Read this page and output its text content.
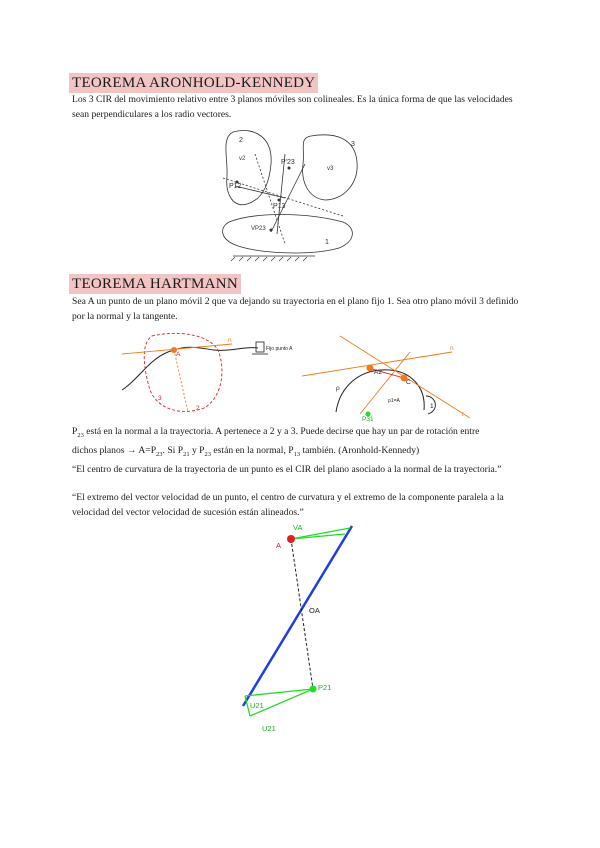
TEOREMA ARONHOLD-KENNEDY
Los 3 CIR del movimiento relativo entre 3 planos móviles son colineales. Es la única forma de que las velocidades sean perpendiculares a los radio vectores.
2
3
1
P'23
P12
P13
v2
v3
VP23
TEOREMA HARTMANN
Sea A un punto de un plano móvil 2 que va dejando su trayectoria en el plano fijo 1. Sea otro plano móvil 3 definido por la normal y la tangente.
A
n
Fijo punto A
3
2
A2
C
P31
ρ
ρ1=A
1
n
t
$P_{23}$ está en la normal a la trayectoria. A pertenece a 2 y a 3. Puede decirse que hay un par de rotación entre
dichos planos → $A=P_{23}$. Si $P_{21}$ y $P_{23}$ están en la normal, $P_{13}$ también. (Aronhold-Kennedy)
“El centro de curvatura de la trayectoria de un punto es el CIR del plano asociado a la normal de la trayectoria.”
“El extremo del vector velocidad de un punto, el centro de curvatura y el extremo de la componente paralela a la velocidad del vector velocidad de sucesión están alineados.”
VA
A
OA
P21
U21
U21
